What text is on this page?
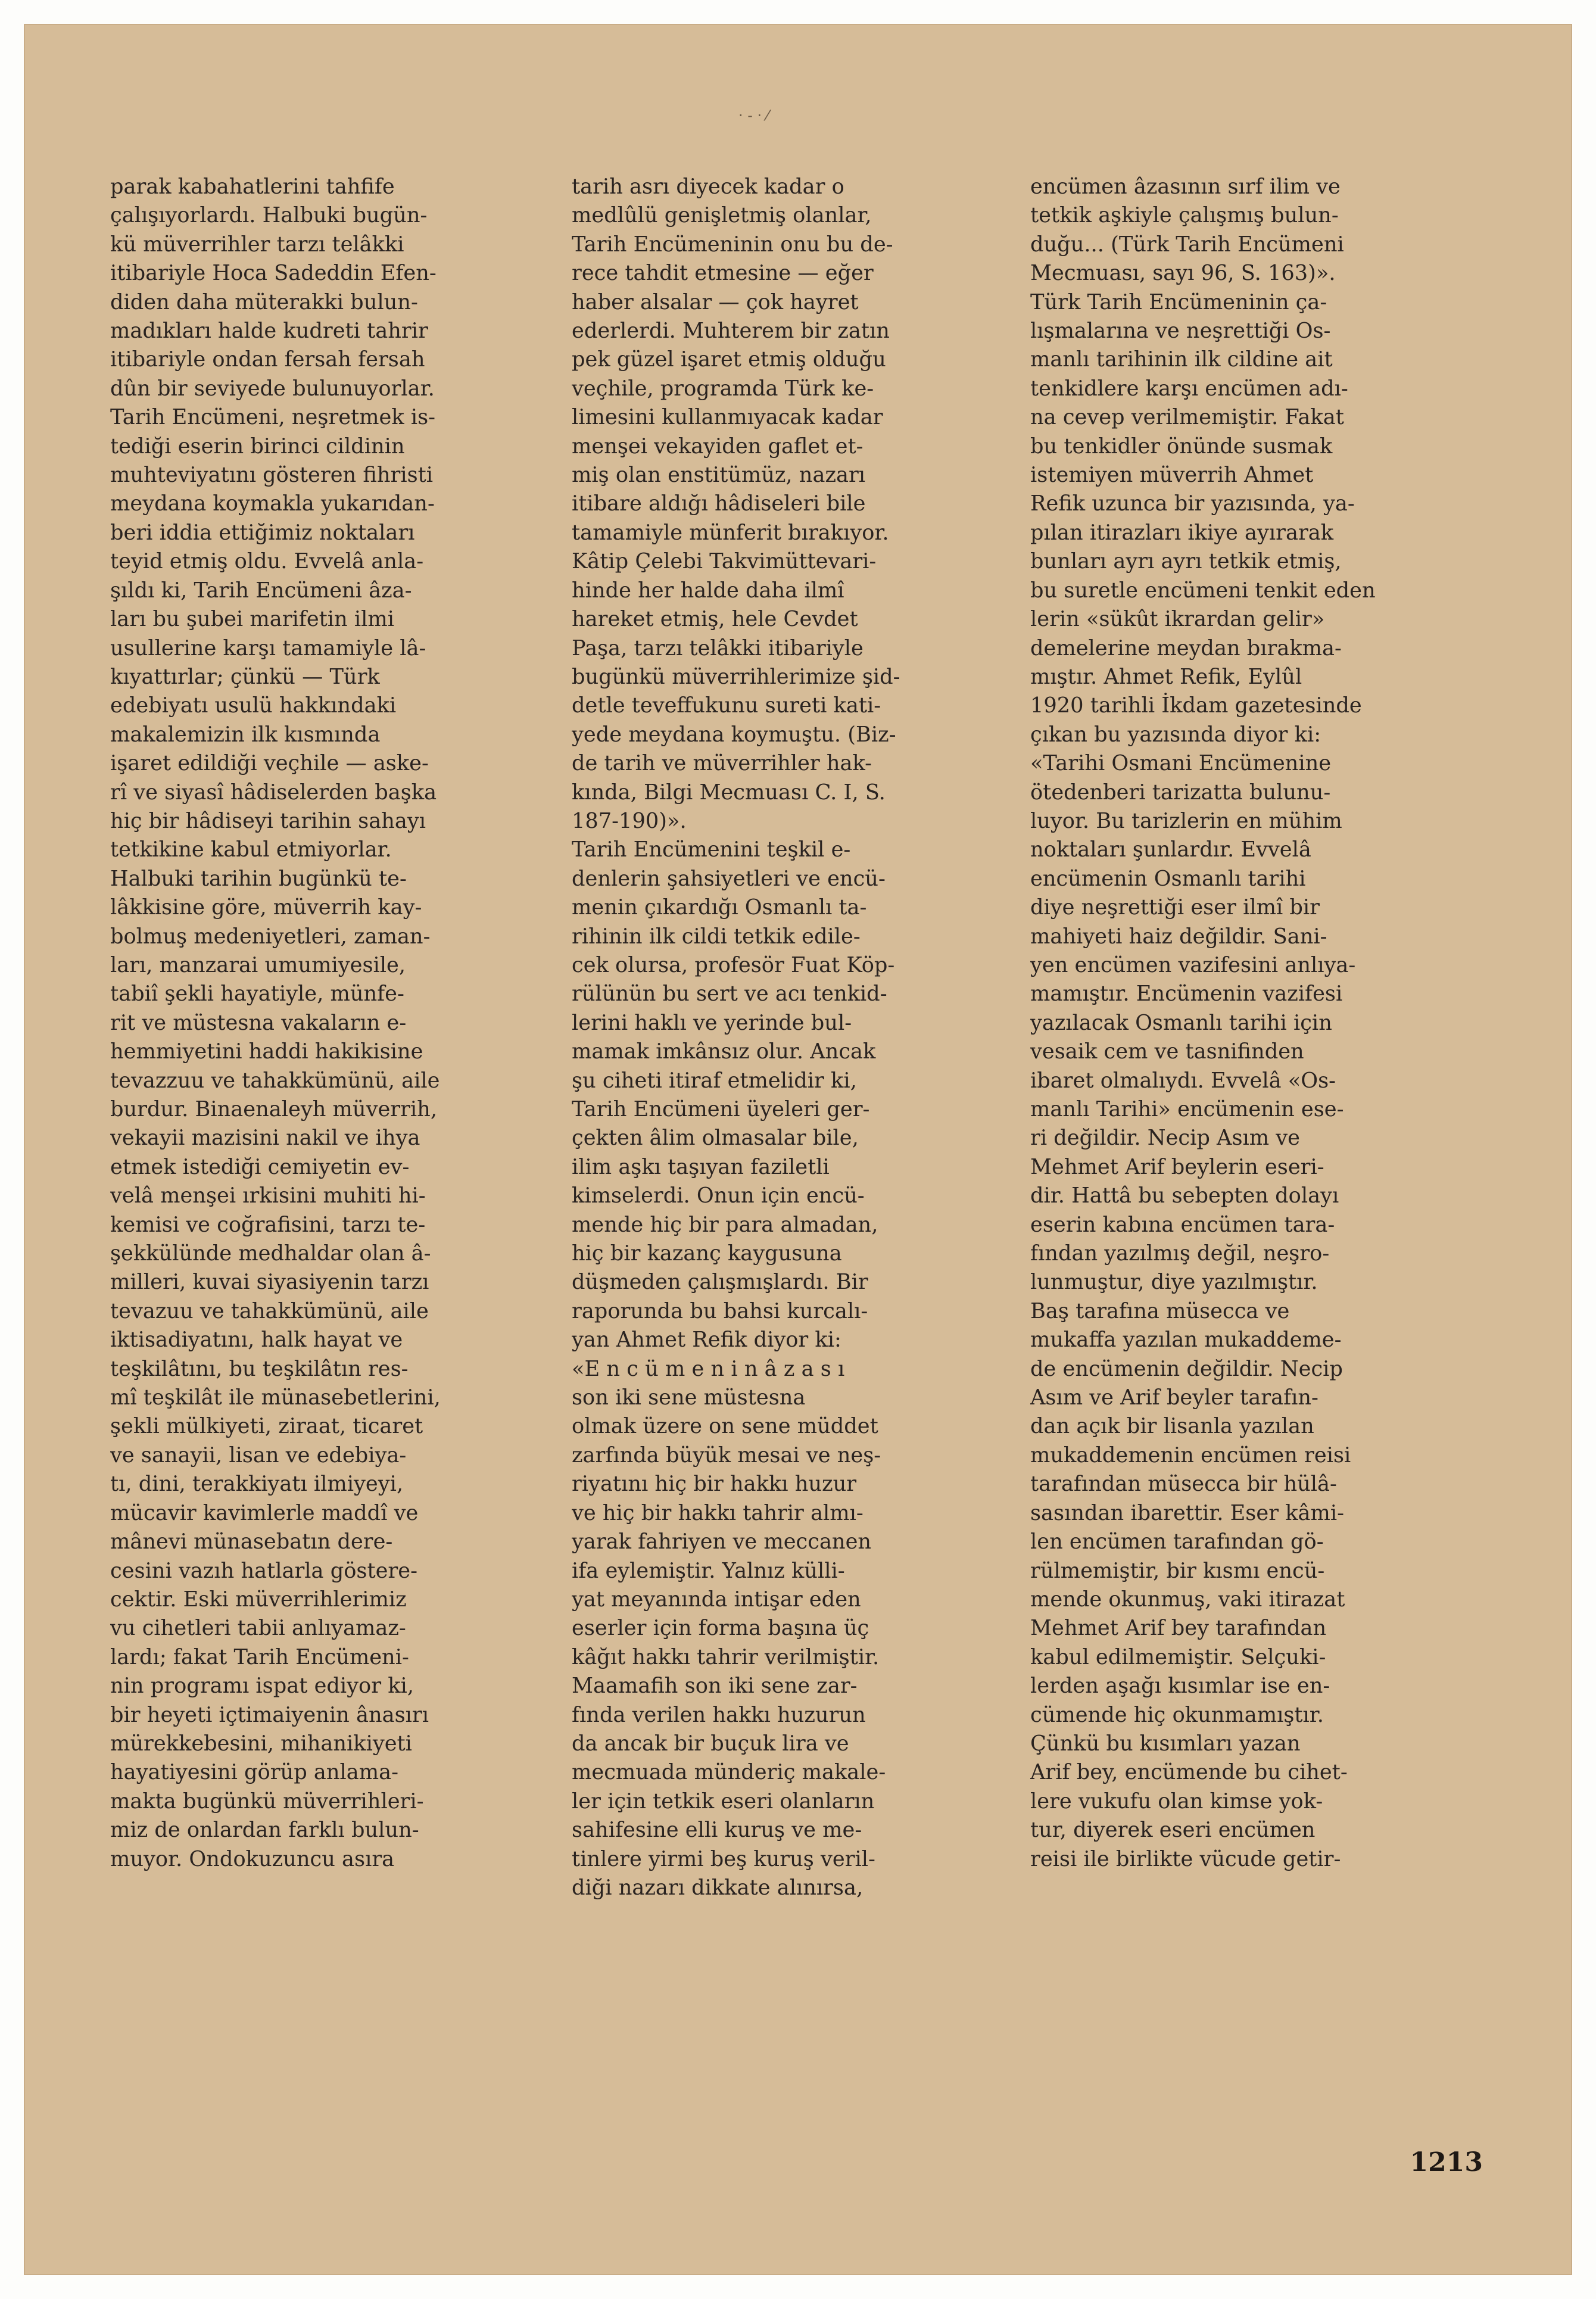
· ‑ · ⁄
parak kabahatlerini tahfife
çalışıyorlardı. Halbuki bugün-
kü müverrihler tarzı telâkki
itibariyle Hoca Sadeddin Efen-
diden daha müterakki bulun-
madıkları halde kudreti tahrir
itibariyle ondan fersah fersah
dûn bir seviyede bulunuyorlar.
Tarih Encümeni, neşretmek is-
tediği eserin birinci cildinin
muhteviyatını gösteren fihristi
meydana koymakla yukarıdan-
beri iddia ettiğimiz noktaları
teyid etmiş oldu. Evvelâ anla-
şıldı ki, Tarih Encümeni âza-
ları bu şubei marifetin ilmi
usullerine karşı tamamiyle lâ-
kıyattırlar; çünkü — Türk
edebiyatı usulü hakkındaki
makalemizin ilk kısmında
işaret edildiği veçhile — aske-
rî ve siyasî hâdiselerden başka
hiç bir hâdiseyi tarihin sahayı
tetkikine kabul etmiyorlar.
Halbuki tarihin bugünkü te-
lâkkisine göre, müverrih kay-
bolmuş medeniyetleri, zaman-
ları, manzarai umumiyesile,
tabiî şekli hayatiyle, münfe-
rit ve müstesna vakaların e-
hemmiyetini haddi hakikisine
tevazzuu ve tahakkümünü, aile
burdur. Binaenaleyh müverrih,
vekayii mazisini nakil ve ihya
etmek istediği cemiyetin ev-
velâ menşei ırkisini muhiti hi-
kemisi ve coğrafisini, tarzı te-
şekkülünde medhaldar olan â-
milleri, kuvai siyasiyenin tarzı
tevazuu ve tahakkümünü, aile
iktisadiyatını, halk hayat ve
teşkilâtını, bu teşkilâtın res-
mî teşkilât ile münasebetlerini,
şekli mülkiyeti, ziraat, ticaret
ve sanayii, lisan ve edebiya-
tı, dini, terakkiyatı ilmiyeyi,
mücavir kavimlerle maddî ve
mânevi münasebatın dere-
cesini vazıh hatlarla gösterе-
cektir. Eski müverrihlerimiz
vu cihetleri tabii anlıyamaz-
lardı; fakat Tarih Encümeni-
nin programı ispat ediyor ki,
bir heyeti içtimaiyenin ânasırı
mürekkebesini, mihanikiyeti
hayatiyesini görüp anlama-
makta bugünkü müverrihleri-
miz de onlardan farklı bulun-
muyor. Ondokuzuncu asıra
tarih asrı diyecek kadar o
medlûlü genişletmiş olanlar,
Tarih Encümeninin onu bu de-
rece tahdit etmesine — eğer
haber alsalar — çok hayret
ederlerdi. Muhterem bir zatın
pek güzel işaret etmiş olduğu
veçhile, programda Türk ke-
limesini kullanmıyacak kadar
menşei vekayiden gaflet et-
miş olan enstitümüz, nazarı
itibare aldığı hâdiseleri bile
tamamiyle münferit bırakıyor.
Kâtip Çelebi Takvimüttevari-
hinde her halde daha ilmî
hareket etmiş, hele Cevdet
Paşa, tarzı telâkki itibariyle
bugünkü müverrihlerimize şid-
detle teveffukunu sureti kati-
yede meydana koymuştu. (Biz-
de tarih ve müverrihler hak-
kında, Bilgi Mecmuası C. I, S.
187-190)».
Tarih Encümenini teşkil e-
denlerin şahsiyetleri ve encü-
menin çıkardığı Osmanlı ta-
rihinin ilk cildi tetkik edile-
cek olursa, profesör Fuat Köp-
rülünün bu sert ve acı tenkid-
lerini haklı ve yerinde bul-
mamak imkânsız olur. Ancak
şu ciheti itiraf etmelidir ki,
Tarih Encümeni üyeleri ger-
çekten âlim olmasalar bile,
ilim aşkı taşıyan faziletli
kimselerdi. Onun için encü-
mende hiç bir para almadan,
hiç bir kazanç kaygusuna
düşmeden çalışmışlardı. Bir
raporunda bu bahsi kurcalı-
yan Ahmet Refik diyor ki:
«E n c ü m e n i n â z a s ı
son iki sene müstesna
olmak üzere on sene müddet
zarfında büyük mesai ve neş-
riyatını hiç bir hakkı huzur
ve hiç bir hakkı tahrir almı-
yarak fahriyen ve meccanen
ifa eylemiştir. Yalnız külli-
yat meyanında intişar eden
eserler için forma başına üç
kâğıt hakkı tahrir verilmiştir.
Maamafih son iki sene zar-
fında verilen hakkı huzurun
da ancak bir buçuk lira ve
mecmuada münderiç makale-
ler için tetkik eseri olanların
sahifesine elli kuruş ve me-
tinlere yirmi beş kuruş veril-
diği nazarı dikkate alınırsa,
encümen âzasının sırf ilim ve
tetkik aşkiyle çalışmış bulun-
duğu... (Türk Tarih Encümeni
Mecmuası, sayı 96, S. 163)».
Türk Tarih Encümeninin ça-
lışmalarına ve neşrettiği Os-
manlı tarihinin ilk cildine ait
tenkidlere karşı encümen adı-
na cevep verilmemiştir. Fakat
bu tenkidler önünde susmak
istemiyen müverrih Ahmet
Refik uzunca bir yazısında, ya-
pılan itirazları ikiye ayırarak
bunları ayrı ayrı tetkik etmiş,
bu suretle encümeni tenkit eden
lerin «sükût ikrardan gelir»
demelerine meydan bırakma-
mıştır. Ahmet Refik, Eylûl
1920 tarihli İkdam gazetesinde
çıkan bu yazısında diyor ki:
«Tarihi Osmani Encümenine
ötedenberi tarizatta bulunu-
luyor. Bu tarizlerin en mühim
noktaları şunlardır. Evvelâ
encümenin Osmanlı tarihi
diye neşrettiği eser ilmî bir
mahiyeti haiz değildir. Sani-
yen encümen vazifesini anlıya-
mamıştır. Encümenin vazifesi
yazılacak Osmanlı tarihi için
vesaik cem ve tasnifinden
ibaret olmalıydı. Evvelâ «Os-
manlı Tarihi» encümenin ese-
ri değildir. Necip Asım ve
Mehmet Arif beylerin eseri-
dir. Hattâ bu sebepten dolayı
eserin kabına encümen tara-
fından yazılmış değil, neşro-
lunmuştur, diye yazılmıştır.
Baş tarafına müsecca ve
mukaffa yazılan mukaddeme-
de encümenin değildir. Necip
Asım ve Arif beyler tarafın-
dan açık bir lisanla yazılan
mukaddemenin encümen reisi
tarafından müsecca bir hülâ-
sasından ibarettir. Eser kâmi-
len encümen tarafından gö-
rülmemiştir, bir kısmı encü-
mende okunmuş, vaki itirazat
Mehmet Arif bey tarafından
kabul edilmemiştir. Selçuki-
lerden aşağı kısımlar ise en-
cümende hiç okunmamıştır.
Çünkü bu kısımları yazan
Arif bey, encümende bu cihet-
lere vukufu olan kimse yok-
tur, diyerek eseri encümen
reisi ile birlikte vücude getir-
1213
